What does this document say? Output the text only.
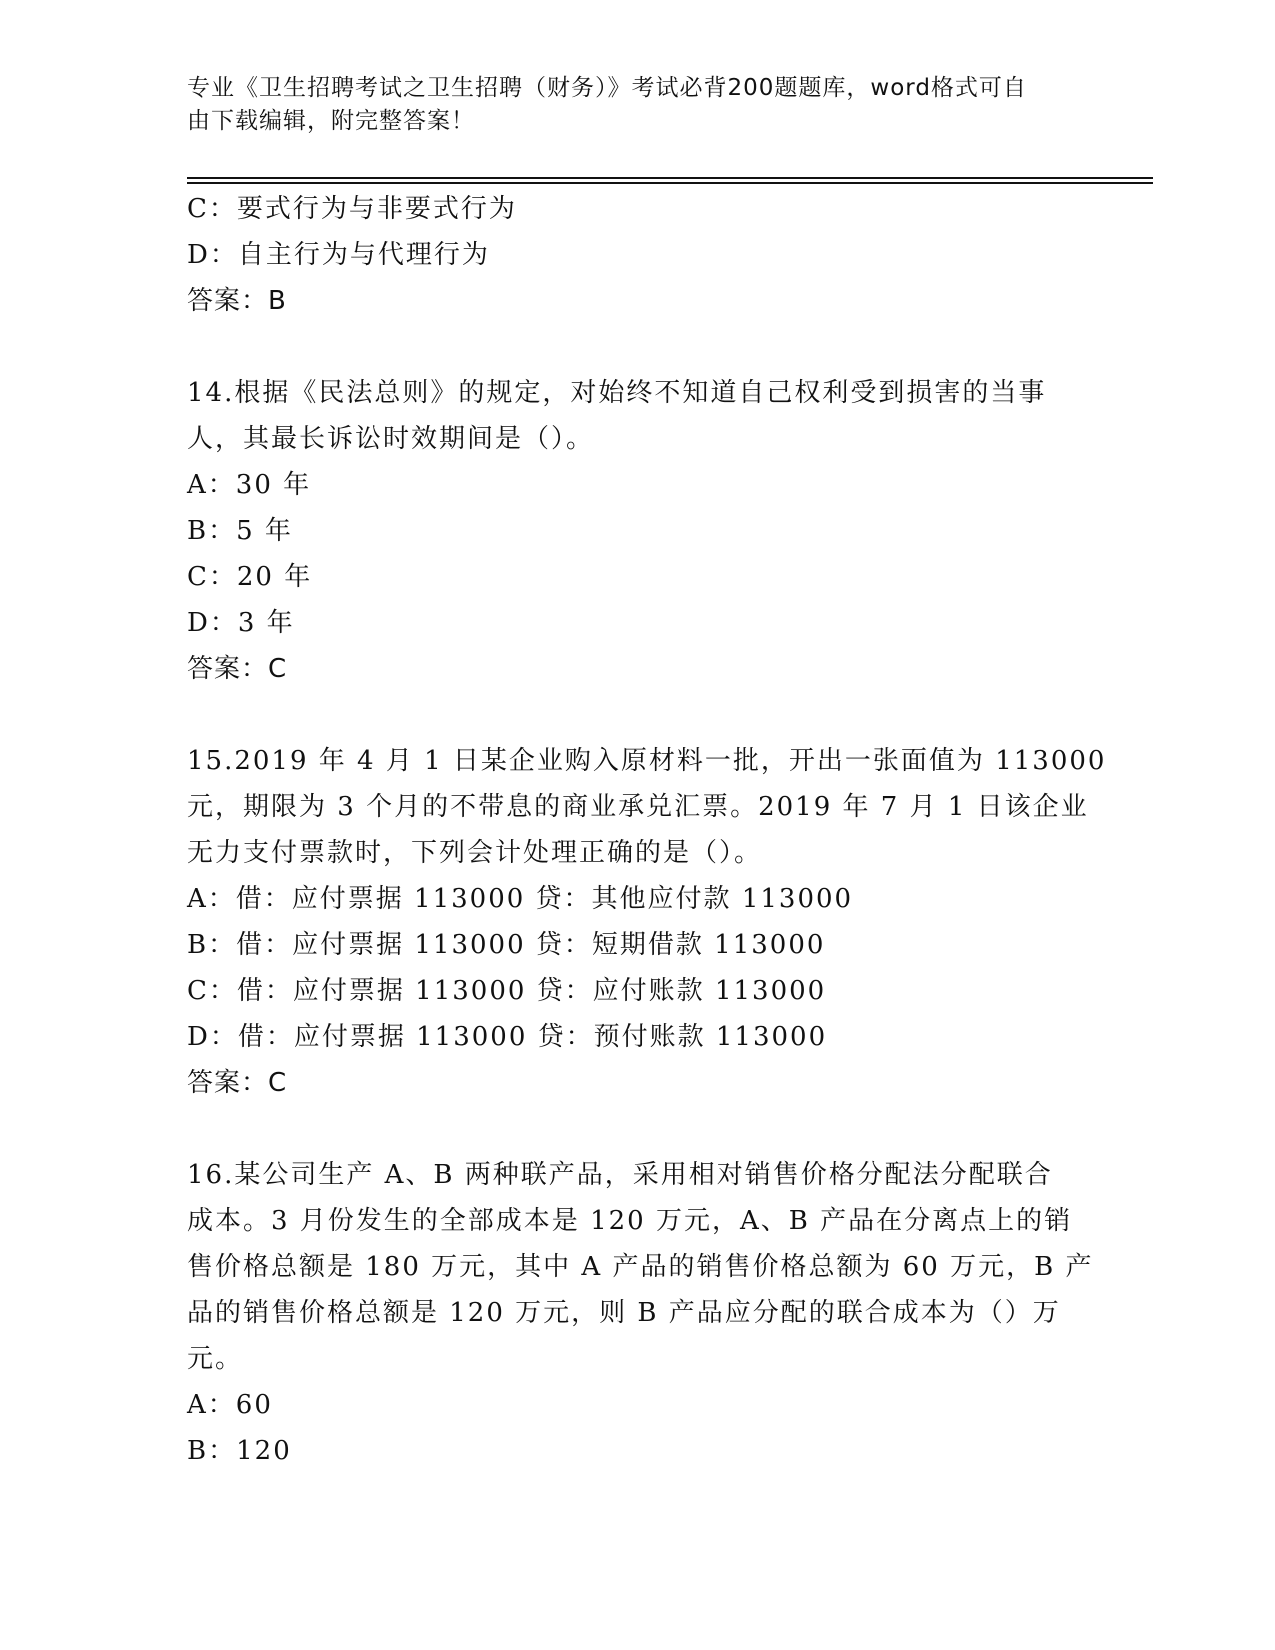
专业《卫生招聘考试之卫生招聘（财务）》考试必背200题题库，word格式可自
由下载编辑，附完整答案！
C：要式行为与非要式行为
D：自主行为与代理行为
答案：B
14.根据《民法总则》的规定，对始终不知道自己权利受到损害的当事
人，其最长诉讼时效期间是（）。
A：30 年
B：5 年
C：20 年
D：3 年
答案：C
15.2019 年 4 月 1 日某企业购入原材料一批，开出一张面值为 113000
元，期限为 3 个月的不带息的商业承兑汇票。2019 年 7 月 1 日该企业
无力支付票款时，下列会计处理正确的是（）。
A：借：应付票据 113000 贷：其他应付款 113000
B：借：应付票据 113000 贷：短期借款 113000
C：借：应付票据 113000 贷：应付账款 113000
D：借：应付票据 113000 贷：预付账款 113000
答案：C
16.某公司生产 A、B 两种联产品，采用相对销售价格分配法分配联合
成本。3 月份发生的全部成本是 120 万元，A、B 产品在分离点上的销
售价格总额是 180 万元，其中 A 产品的销售价格总额为 60 万元，B 产
品的销售价格总额是 120 万元，则 B 产品应分配的联合成本为（）万
元。
A：60
B：120
